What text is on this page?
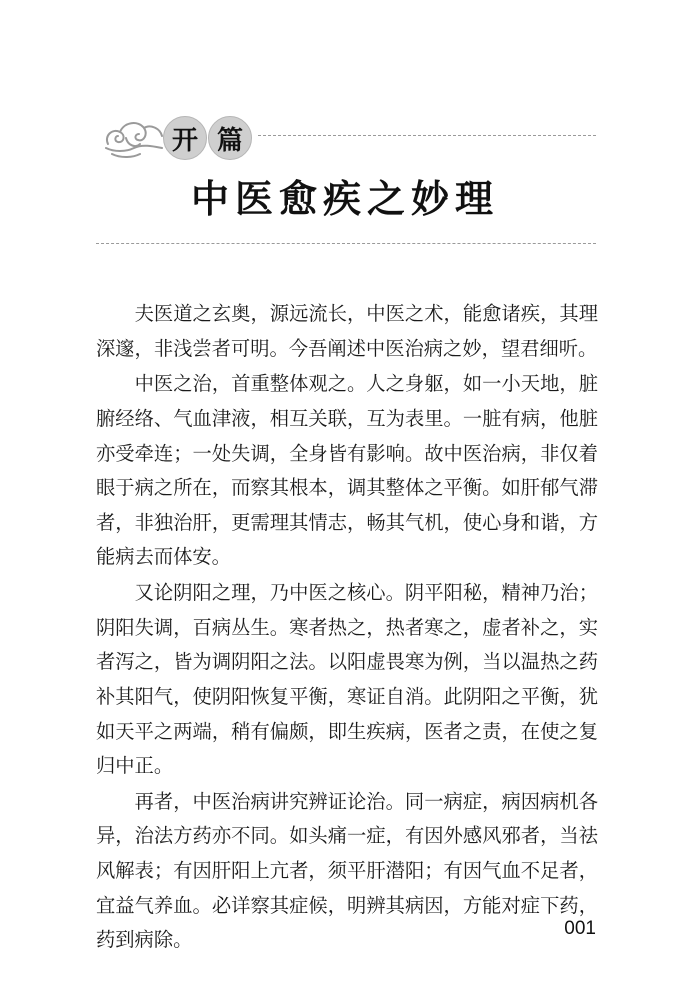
开 篇
中医愈疾之妙理

夫医道之玄奥，源远流长，中医之术，能愈诸疾，其理深邃，非浅尝者可明。今吾阐述中医治病之妙，望君细听。

中医之治，首重整体观之。人之身躯，如一小天地，脏腑经络、气血津液，相互关联，互为表里。一脏有病，他脏亦受牵连；一处失调，全身皆有影响。故中医治病，非仅着眼于病之所在，而察其根本，调其整体之平衡。如肝郁气滞者，非独治肝，更需理其情志，畅其气机，使心身和谐，方能病去而体安。

又论阴阳之理，乃中医之核心。阴平阳秘，精神乃治；阴阳失调，百病丛生。寒者热之，热者寒之，虚者补之，实者泻之，皆为调阴阳之法。以阳虚畏寒为例，当以温热之药补其阳气，使阴阳恢复平衡，寒证自消。此阴阳之平衡，犹如天平之两端，稍有偏颇，即生疾病，医者之责，在使之复归中正。

再者，中医治病讲究辨证论治。同一病症，病因病机各异，治法方药亦不同。如头痛一症，有因外感风邪者，当祛风解表；有因肝阳上亢者，须平肝潜阳；有因气血不足者，宜益气养血。必详察其症候，明辨其病因，方能对症下药，药到病除。	001
